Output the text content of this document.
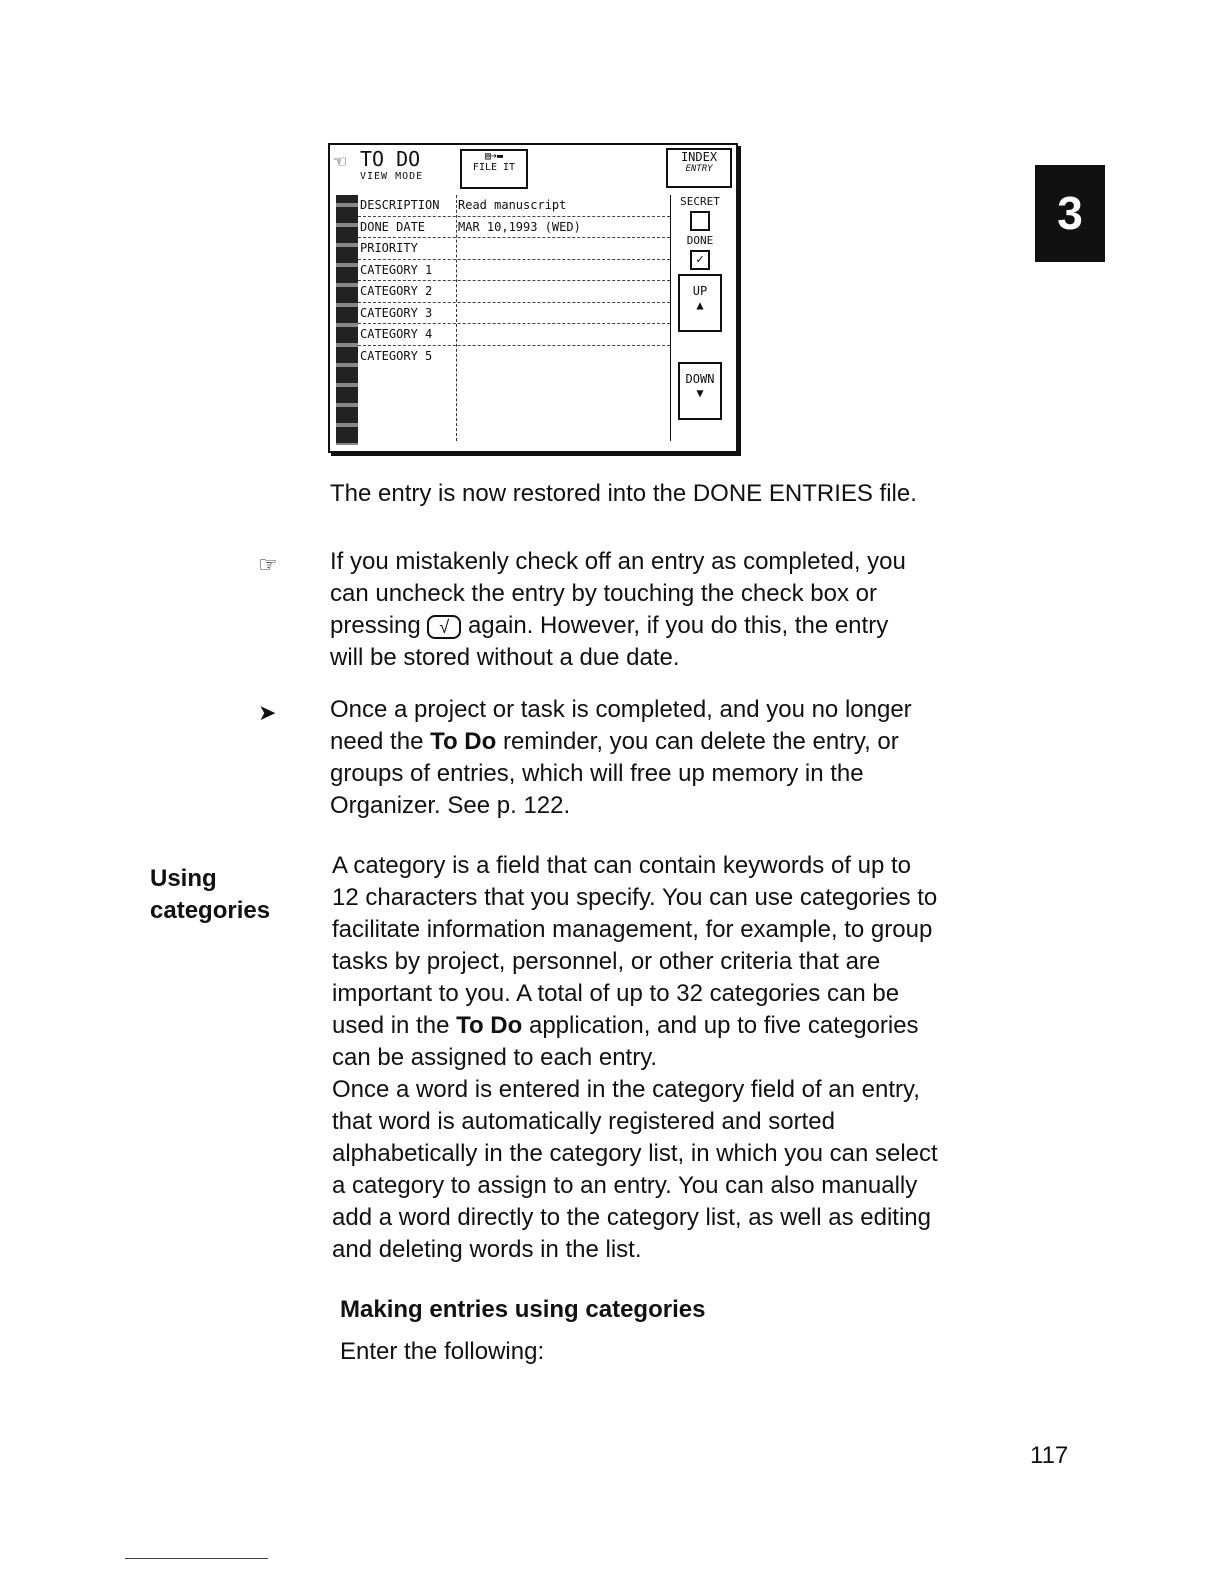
☜ TO DO
VIEW MODE
▤➔▬
FILE IT
INDEX
ENTRY
DESCRIPTION Read manuscript
DONE DATE	MAR 10,1993 (WED)
PRIORITY
CATEGORY 1
CATEGORY 2
CATEGORY 3
CATEGORY 4
CATEGORY 5
SECRET
DONE
✓
UP
▲
DOWN
▼
3
The entry is now restored into the DONE ENTRIES file.
☞ If you mistakenly check off an entry as completed, you
can uncheck the entry by touching the check box or
pressing √ again. However, if you do this, the entry
will be stored without a due date.
➤ Once a project or task is completed, and you no longer
need the To Do reminder, you can delete the entry, or
groups of entries, which will free up memory in the
Organizer. See p. 122.
Using
categories
A category is a field that can contain keywords of up to
12 characters that you specify. You can use categories to
facilitate information management, for example, to group
tasks by project, personnel, or other criteria that are
important to you. A total of up to 32 categories can be
used in the To Do application, and up to five categories
can be assigned to each entry.
Once a word is entered in the category field of an entry,
that word is automatically registered and sorted
alphabetically in the category list, in which you can select
a category to assign to an entry. You can also manually
add a word directly to the category list, as well as editing
and deleting words in the list.
Making entries using categories
Enter the following:
117
